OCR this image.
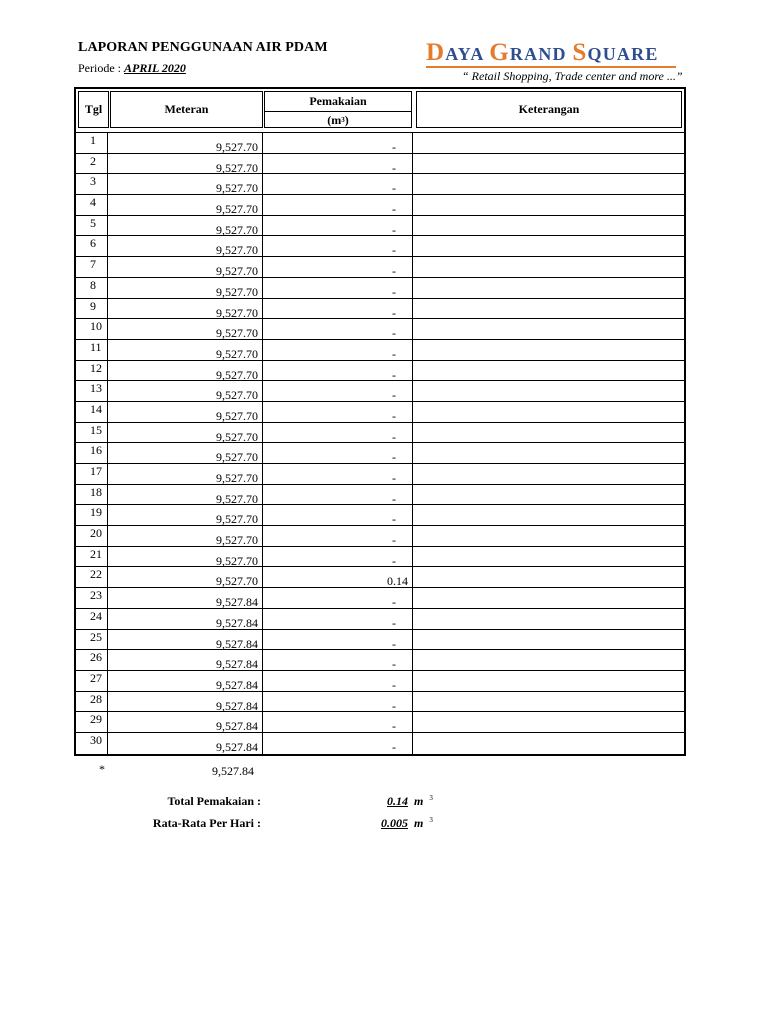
LAPORAN PENGGUNAAN AIR PDAM
Periode : APRIL 2020
DAYA GRAND SQUARE
“ Retail Shopping, Trade center and more ...”
Tgl	Meteran
Pemakaian
(m 3 )
Keterangan
1	9,527.70	-
2	9,527.70	-
3	9,527.70	-
4	9,527.70	-
5	9,527.70	-
6	9,527.70	-
7	9,527.70	-
8	9,527.70	-
9	9,527.70	-
10	9,527.70	-
11	9,527.70	-
12	9,527.70	-
13	9,527.70	-
14	9,527.70	-
15	9,527.70	-
16	9,527.70	-
17	9,527.70	-
18	9,527.70	-
19	9,527.70	-
20	9,527.70	-
21	9,527.70	-
22	9,527.70	0.14
23	9,527.84	-
24	9,527.84	-
25	9,527.84	-
26	9,527.84	-
27	9,527.84	-
28	9,527.84	-
29	9,527.84	-
30	9,527.84	-
*	9,527.84
Total Pemakaian :	0.14 m $^3$
Rata-Rata Per Hari :	0.005 m $^3$
